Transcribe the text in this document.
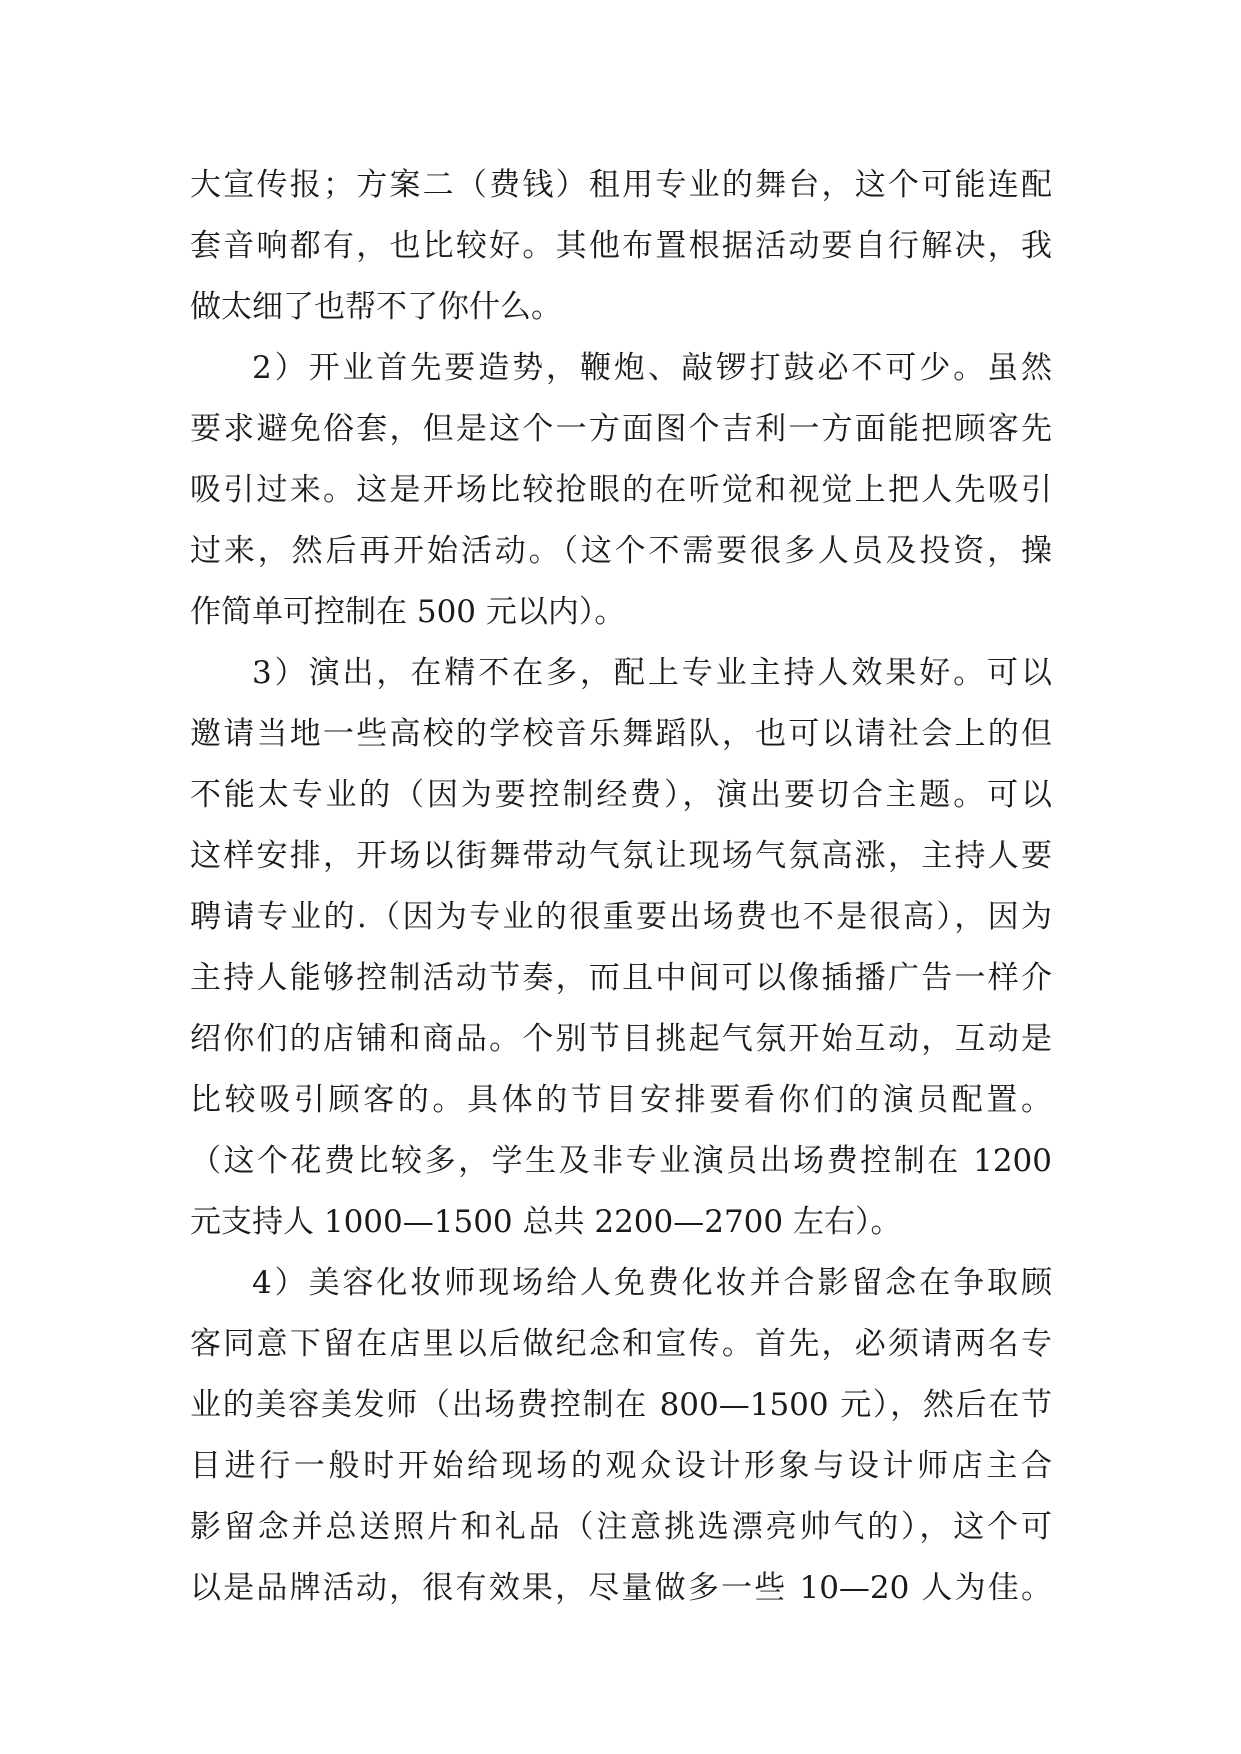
大宣传报；方案二（费钱）租用专业的舞台，这个可能连配
套音响都有，也比较好。其他布置根据活动要自行解决，我
做太细了也帮不了你什么。
2）开业首先要造势，鞭炮、敲锣打鼓必不可少。虽然
要求避免俗套，但是这个一方面图个吉利一方面能把顾客先
吸引过来。这是开场比较抢眼的在听觉和视觉上把人先吸引
过来，然后再开始活动。（这个不需要很多人员及投资，操
作简单可控制在 500 元以内）。
3）演出，在精不在多，配上专业主持人效果好。可以
邀请当地一些高校的学校音乐舞蹈队，也可以请社会上的但
不能太专业的（因为要控制经费），演出要切合主题。可以
这样安排，开场以街舞带动气氛让现场气氛高涨，主持人要
聘请专业的.（因为专业的很重要出场费也不是很高），因为
主持人能够控制活动节奏，而且中间可以像插播广告一样介
绍你们的店铺和商品。个别节目挑起气氛开始互动，互动是
比较吸引顾客的。具体的节目安排要看你们的演员配置。
（这个花费比较多，学生及非专业演员出场费控制在 1200
元支持人 1000—1500 总共 2200—2700 左右）。
4）美容化妆师现场给人免费化妆并合影留念在争取顾
客同意下留在店里以后做纪念和宣传。首先，必须请两名专
业的美容美发师（出场费控制在 800—1500 元），然后在节
目进行一般时开始给现场的观众设计形象与设计师店主合
影留念并总送照片和礼品（注意挑选漂亮帅气的），这个可
以是品牌活动，很有效果，尽量做多一些 10—20 人为佳。
